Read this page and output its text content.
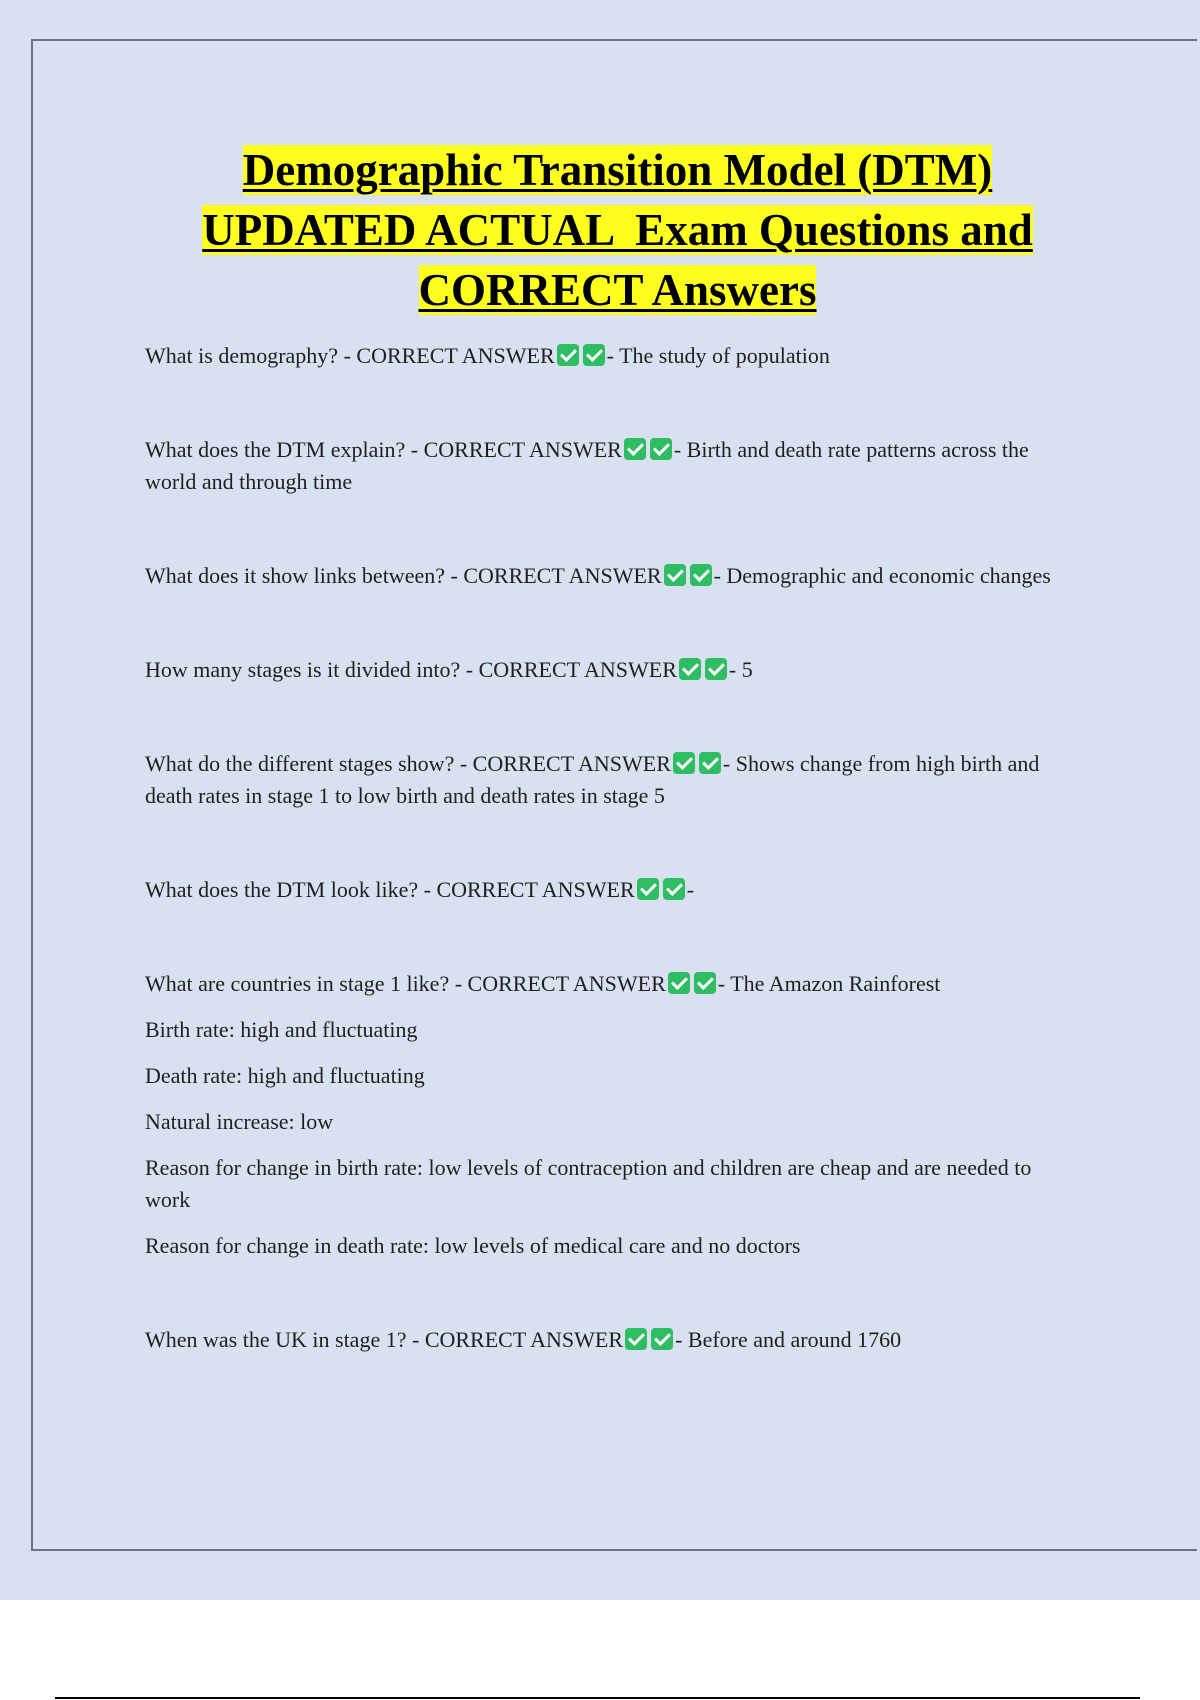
Demographic Transition Model (DTM)
UPDATED ACTUAL  Exam Questions and
CORRECT Answers

What is demography? - CORRECT ANSWER - The study of population

What does the DTM explain? - CORRECT ANSWER - Birth and death rate patterns across the world and through time

What does it show links between? - CORRECT ANSWER - Demographic and economic changes

How many stages is it divided into? - CORRECT ANSWER - 5

What do the different stages show? - CORRECT ANSWER - Shows change from high birth and death rates in stage 1 to low birth and death rates in stage 5

What does the DTM look like? - CORRECT ANSWER -

What are countries in stage 1 like? - CORRECT ANSWER - The Amazon Rainforest

Birth rate: high and fluctuating

Death rate: high and fluctuating

Natural increase: low

Reason for change in birth rate: low levels of contraception and children are cheap and are needed to work

Reason for change in death rate: low levels of medical care and no doctors

When was the UK in stage 1? - CORRECT ANSWER - Before and around 1760
